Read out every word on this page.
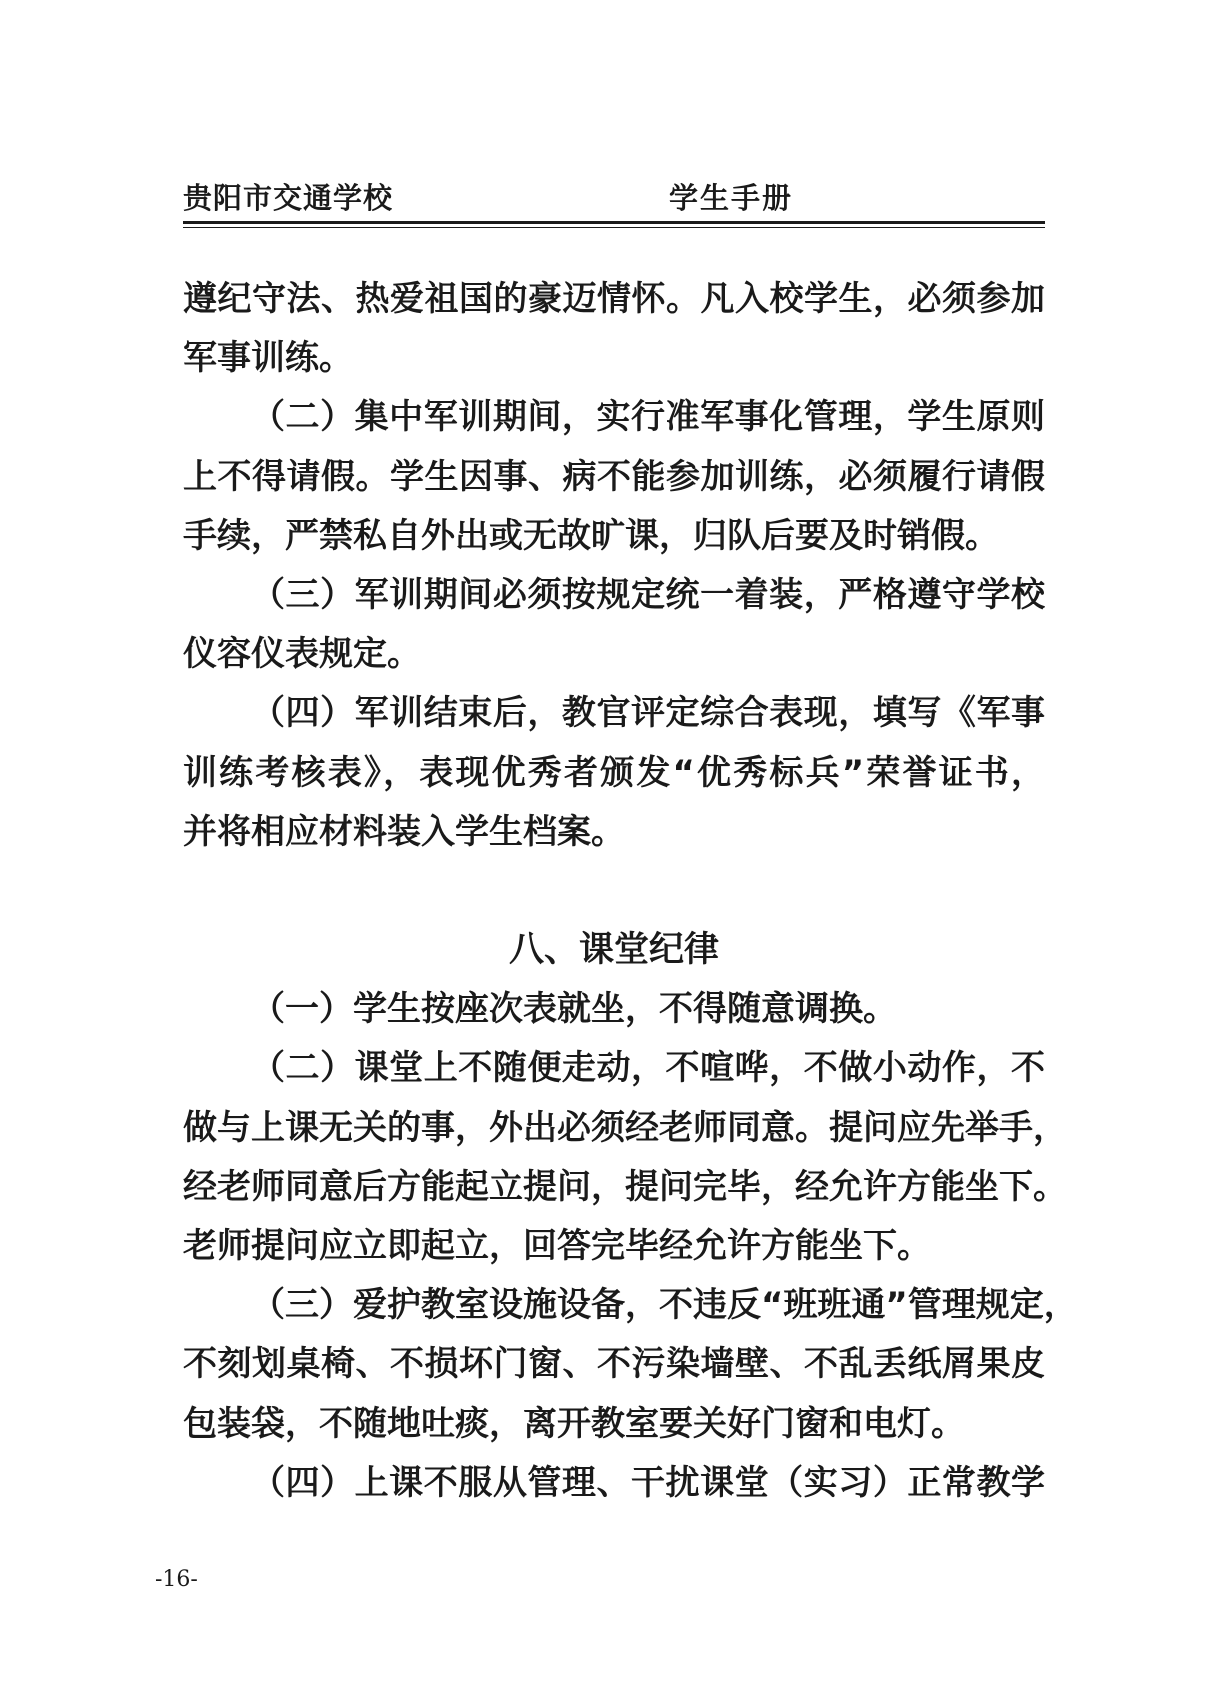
贵阳市交通学校	学生手册
遵纪守法、热爱祖国的豪迈情怀。凡入校学生，必须参加
军事训练。
（二）集中军训期间，实行准军事化管理，学生原则
上不得请假。学生因事、病不能参加训练，必须履行请假
手续，严禁私自外出或无故旷课，归队后要及时销假。
（三）军训期间必须按规定统一着装，严格遵守学校
仪容仪表规定。
（四）军训结束后，教官评定综合表现，填写《军事
训练考核表》，表现优秀者颁发“优秀标兵”荣誉证书，
并将相应材料装入学生档案。
八、课堂纪律
（一）学生按座次表就坐，不得随意调换。
（二）课堂上不随便走动，不喧哗，不做小动作，不
做与上课无关的事，外出必须经老师同意。提问应先举手，
经老师同意后方能起立提问，提问完毕，经允许方能坐下。
老师提问应立即起立，回答完毕经允许方能坐下。
（三）爱护教室设施设备，不违反“班班通”管理规定，
不刻划桌椅、不损坏门窗、不污染墙壁、不乱丢纸屑果皮
包装袋，不随地吐痰，离开教室要关好门窗和电灯。
（四）上课不服从管理、干扰课堂（实习）正常教学
-16-
